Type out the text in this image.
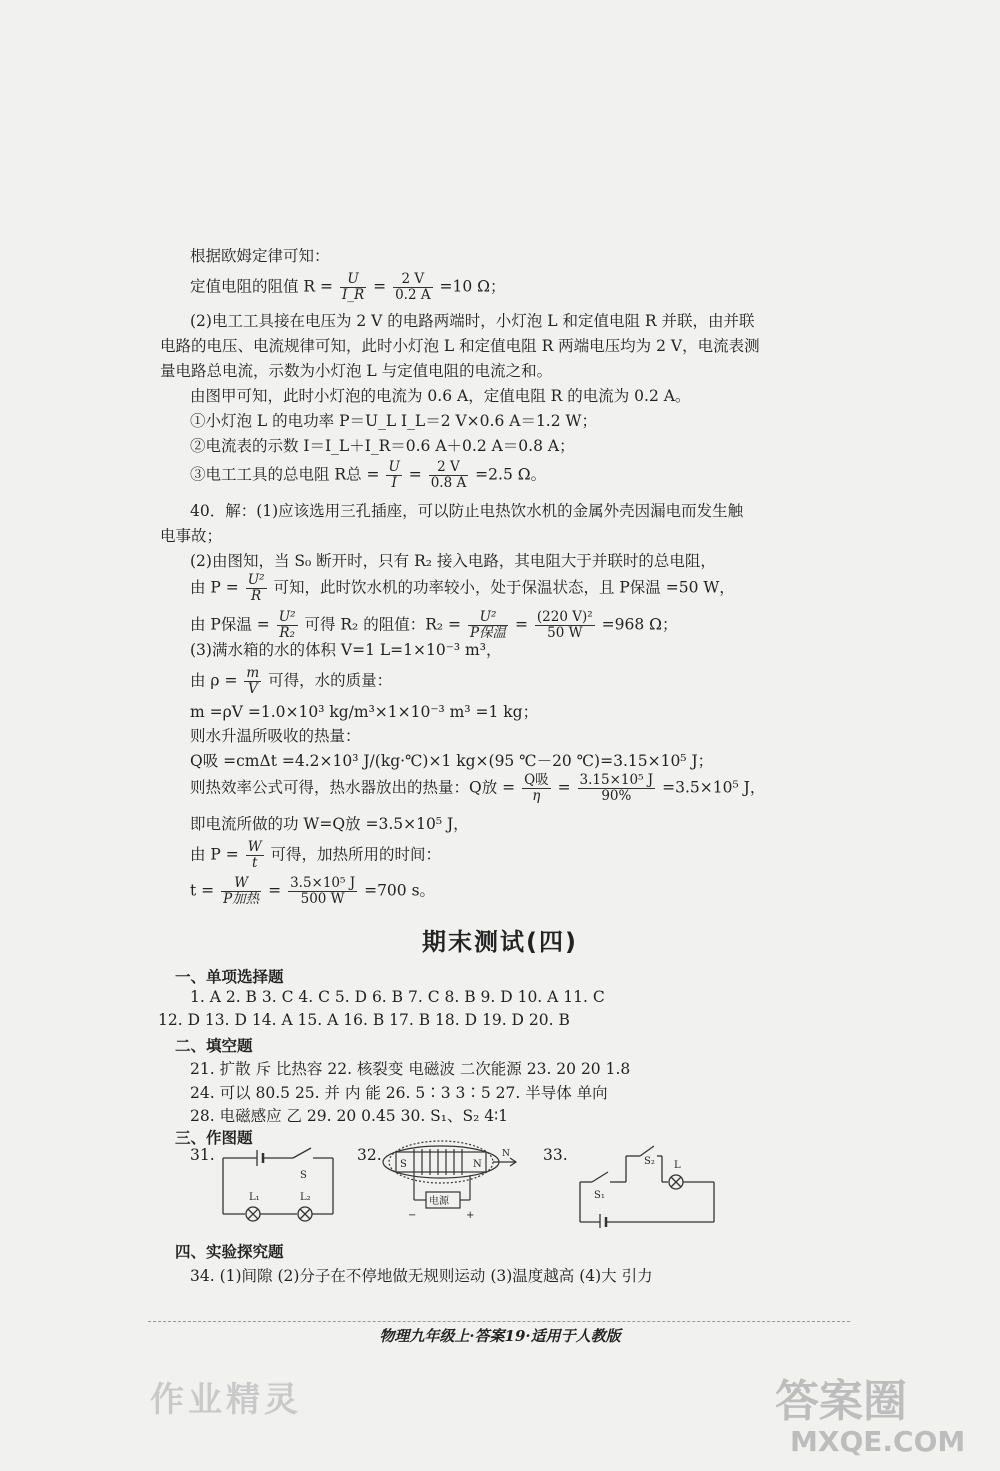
根据欧姆定律可知：
定值电阻的阻值 $R = \frac{U}{I\_R} = \frac{2 V}{0.2 A} =10$ Ω；
(2)电工工具接在电压为 2 V 的电路两端时，小灯泡 L 和定值电阻 R 并联，由并联
电路的电压、电流规律可知，此时小灯泡 L 和定值电阻 R 两端电压均为 2 V，电流表测
量电路总电流，示数为小灯泡 L 与定值电阻的电流之和。
由图甲可知，此时小灯泡的电流为 0.6 A，定值电阻 R 的电流为 0.2 A。
①小灯泡 L 的电功率 P＝U_L I_L＝2 V×0.6 A＝1.2 W；
②电流表的示数 I＝I_L＋I_R＝0.6 A＋0.2 A＝0.8 A；
③电工工具的总电阻 R总 = $\frac{U}{I} = \frac{2 V}{0.8 A} =2.5$ Ω。
40．解：(1)应该选用三孔插座，可以防止电热饮水机的金属外壳因漏电而发生触
电事故；
(2)由图知，当 S₀ 断开时，只有 R₂ 接入电路，其电阻大于并联时的总电阻，
由 $P = \frac{\text{U²}}{R}$ 可知，此时饮水机的功率较小，处于保温状态，且 P保温 =50 W，
由 P保温 = $\frac{\text{U²}}{\text{R₂}}$ 可得 R₂ 的阻值：$R_2 = \frac{\text{U²}}{\text{P保温}} = \frac{\text{(220 V)²}}{50 W} =968$ Ω；
(3)满水箱的水的体积 V=1 L=1×10⁻³ m³，
由 $\rho = \frac{m}{V}$ 可得，水的质量：
m =ρV =1.0×10³ kg/m³×1×10⁻³ m³ =1 kg；
则水升温所吸收的热量：
Q吸 =cmΔt =4.2×10³ J/(kg·℃)×1 kg×(95 ℃－20 ℃)=3.15×10⁵ J；
则热效率公式可得，热水器放出的热量：Q放 = $\frac{\text{Q吸}}{\eta} = \frac{\text{3.15×10⁵ J}}{90\%} =3.5\times 10^5$ J，
即电流所做的功 W=Q放 =3.5×10⁵ J，
由 $P = \frac{W}{t}$ 可得，加热所用的时间：
$t = \frac{W}{\text{P加热}} = \frac{\text{3.5×10⁵ J}}{500 W} =700$ s。
期末测试(四)
一、单项选择题
1. A 2. B 3. C 4. C 5. D 6. B 7. C 8. B 9. D 10. A 11. C
12. D 13. D 14. A 15. A 16. B 17. B 18. D 19. D 20. B
二、填空题
21. 扩散 斥 比热容 22. 核裂变 电磁波 二次能源 23. 20 20 1.8
24. 可以 80.5 25. 并 内 能 26. 5∶3 3∶5 27. 半导体 单向
28. 电磁感应 乙 29. 20 0.45 30. S₁、S₂ 4∶1
三、作图题
31.
S
L₁	L₂
32.
S	N
N
电源
−	+
33.
S₁
S₂ L
四、实验探究题
34. (1)间隙 (2)分子在不停地做无规则运动 (3)温度越高 (4)大 引力
物理九年级上·答案19·适用于人教版
作业精灵	答案圈
MXQE.COM
